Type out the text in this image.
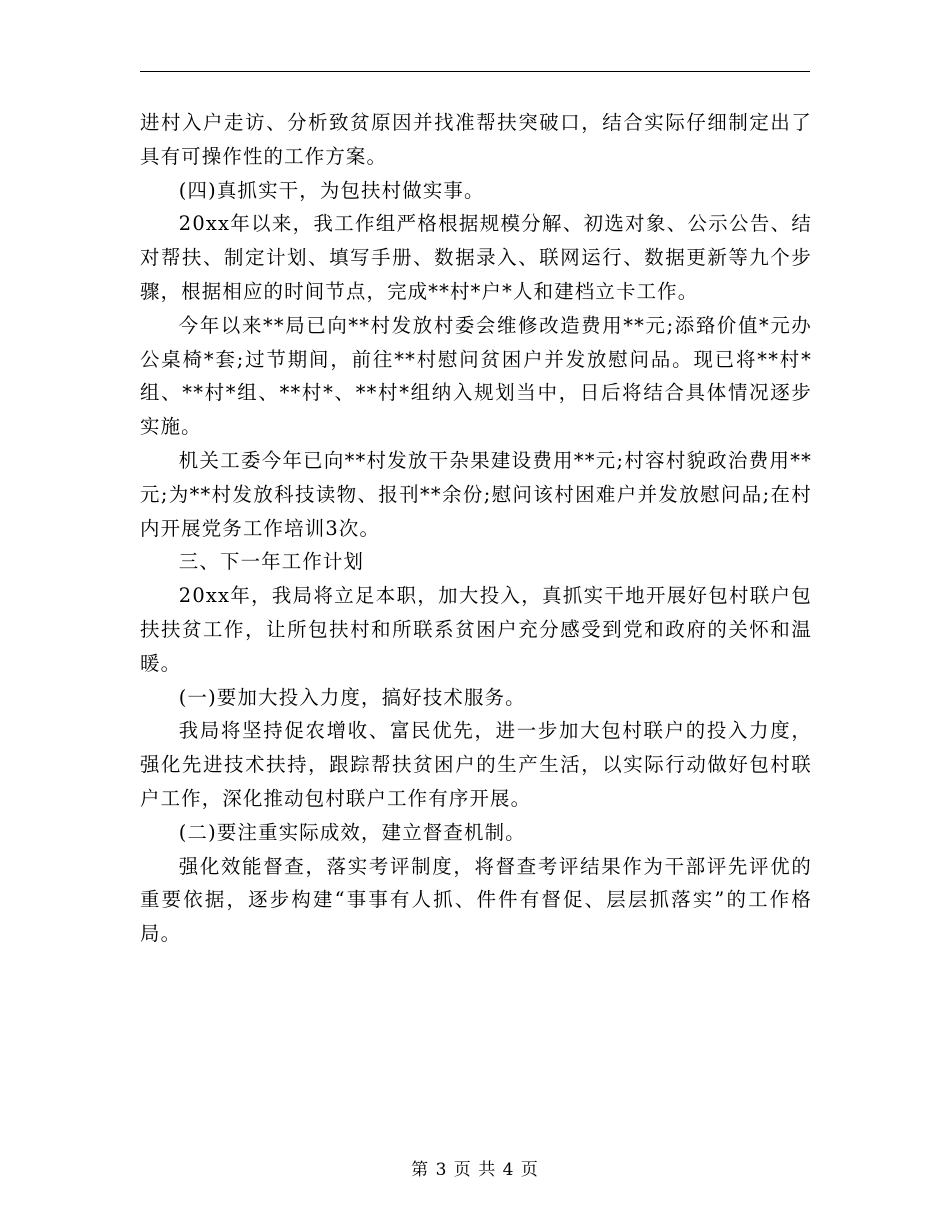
进村入户走访、分析致贫原因并找准帮扶突破口，结合实际仔细制定出了具有可操作性的工作方案。

(四)真抓实干，为包扶村做实事。

20xx年以来，我工作组严格根据规模分解、初选对象、公示公告、结对帮扶、制定计划、填写手册、数据录入、联网运行、数据更新等九个步骤，根据相应的时间节点，完成**村*户*人和建档立卡工作。

今年以来**局已向**村发放村委会维修改造费用**元;添臵价值*元办公桌椅*套;过节期间，前往**村慰问贫困户并发放慰问品。现已将**村*组、**村*组、**村*、**村*组纳入规划当中，日后将结合具体情况逐步实施。

机关工委今年已向**村发放干杂果建设费用**元;村容村貌政治费用**元;为**村发放科技读物、报刊**余份;慰问该村困难户并发放慰问品;在村内开展党务工作培训3次。

三、下一年工作计划

20xx年，我局将立足本职，加大投入，真抓实干地开展好包村联户包扶扶贫工作，让所包扶村和所联系贫困户充分感受到党和政府的关怀和温暖。

(一)要加大投入力度，搞好技术服务。

我局将坚持促农增收、富民优先，进一步加大包村联户的投入力度，强化先进技术扶持，跟踪帮扶贫困户的生产生活，以实际行动做好包村联户工作，深化推动包村联户工作有序开展。

(二)要注重实际成效，建立督查机制。

强化效能督查，落实考评制度，将督查考评结果作为干部评先评优的重要依据，逐步构建“事事有人抓、件件有督促、层层抓落实”的工作格局。

第 3 页 共 4 页
